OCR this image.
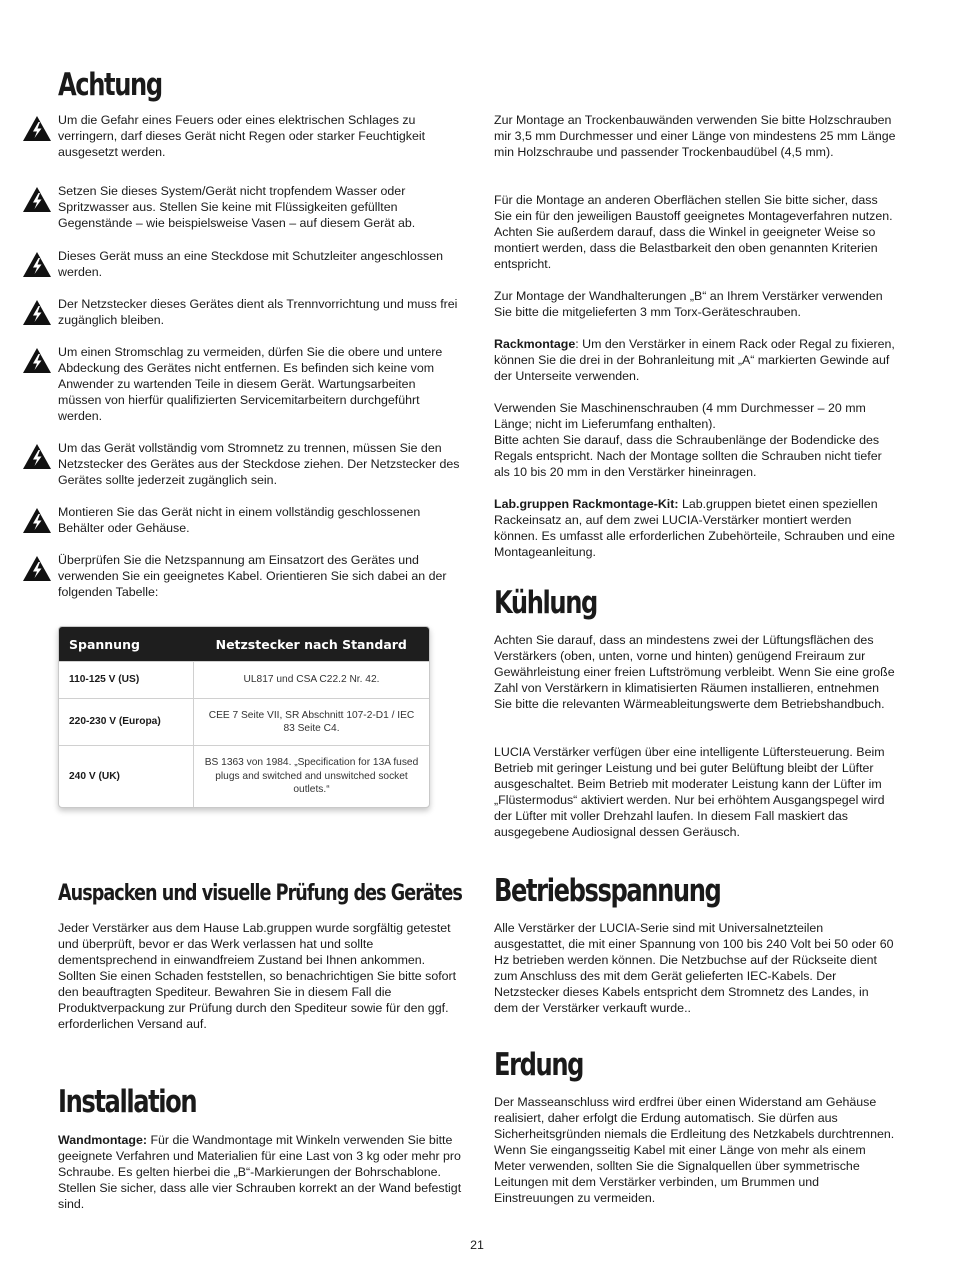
Achtung

Um die Gefahr eines Feuers oder eines elektrischen Schlages zu verringern, darf dieses Gerät nicht Regen oder starker Feuchtigkeit ausgesetzt werden.

Setzen Sie dieses System/Gerät nicht tropfendem Wasser oder Spritzwasser aus. Stellen Sie keine mit Flüssigkeiten gefüllten Gegenstände – wie beispielsweise Vasen – auf diesem Gerät ab.

Dieses Gerät muss an eine Steckdose mit Schutzleiter angeschlossen werden.

Der Netzstecker dieses Gerätes dient als Trennvorrichtung und muss frei zugänglich bleiben.

Um einen Stromschlag zu vermeiden, dürfen Sie die obere und untere Abdeckung des Gerätes nicht entfernen. Es befinden sich keine vom Anwender zu wartenden Teile in diesem Gerät. Wartungsarbeiten müssen von hierfür qualifizierten Servicemitarbeitern durchgeführt werden.

Um das Gerät vollständig vom Stromnetz zu trennen, müssen Sie den Netzstecker des Gerätes aus der Steckdose ziehen. Der Netzstecker des Gerätes sollte jederzeit zugänglich sein.

Montieren Sie das Gerät nicht in einem vollständig geschlossenen Behälter oder Gehäuse.

Überprüfen Sie die Netzspannung am Einsatzort des Gerätes und verwenden Sie ein geeignetes Kabel. Orientieren Sie sich dabei an der folgenden Tabelle:

Spannung	Netzstecker nach Standard
110-125 V (US)	UL817 und CSA C22.2 Nr. 42.
220-230 V (Europa)	CEE 7 Seite VII, SR Abschnitt 107-2-D1 / IEC 83 Seite C4.
240 V (UK)	BS 1363 von 1984. „Specification for 13A fused plugs and switched and unswitched socket outlets.“
Auspacken und visuelle Prüfung des Gerätes

Jeder Verstärker aus dem Hause Lab.gruppen wurde sorgfältig getestet und überprüft, bevor er das Werk verlassen hat und sollte dementsprechend in einwandfreiem Zustand bei Ihnen ankommen. Sollten Sie einen Schaden feststellen, so benachrichtigen Sie bitte sofort den beauftragten Spediteur. Bewahren Sie in diesem Fall die Produktverpackung zur Prüfung durch den Spediteur sowie für den ggf. erforderlichen Versand auf.

Installation

Wandmontage: Für die Wandmontage mit Winkeln verwenden Sie bitte geeignete Verfahren und Materialien für eine Last von 3 kg oder mehr pro Schraube. Es gelten hierbei die „B“-Markierungen der Bohrschablone. Stellen Sie sicher, dass alle vier Schrauben korrekt an der Wand befestigt sind.

Zur Montage an Trockenbauwänden verwenden Sie bitte Holzschrauben mir 3,5 mm Durchmesser und einer Länge von mindestens 25 mm Länge min Holzschraube und passender Trockenbaudübel (4,5 mm).

Für die Montage an anderen Oberflächen stellen Sie bitte sicher, dass Sie ein für den jeweiligen Baustoff geeignetes Montageverfahren nutzen. Achten Sie außerdem darauf, dass die Winkel in geeigneter Weise so montiert werden, dass die Belastbarkeit den oben genannten Kriterien entspricht.

Zur Montage der Wandhalterungen „B“ an Ihrem Verstärker verwenden Sie bitte die mitgelieferten 3 mm Torx-Geräteschrauben.

Rackmontage: Um den Verstärker in einem Rack oder Regal zu fixieren, können Sie die drei in der Bohranleitung mit „A“ markierten Gewinde auf der Unterseite verwenden.

Verwenden Sie Maschinenschrauben (4 mm Durchmesser – 20 mm Länge; nicht im Lieferumfang enthalten).

Bitte achten Sie darauf, dass die Schraubenlänge der Bodendicke des Regals entspricht. Nach der Montage sollten die Schrauben nicht tiefer als 10 bis 20 mm in den Verstärker hineinragen.

Lab.gruppen Rackmontage-Kit: Lab.gruppen bietet einen speziellen Rackeinsatz an, auf dem zwei LUCIA-Verstärker montiert werden können. Es umfasst alle erforderlichen Zubehörteile, Schrauben und eine Montageanleitung.

Kühlung

Achten Sie darauf, dass an mindestens zwei der Lüftungsflächen des Verstärkers (oben, unten, vorne und hinten) genügend Freiraum zur Gewährleistung einer freien Luftströmung verbleibt. Wenn Sie eine große Zahl von Verstärkern in klimatisierten Räumen installieren, entnehmen Sie bitte die relevanten Wärmeableitungswerte dem Betriebshandbuch.

LUCIA Verstärker verfügen über eine intelligente Lüftersteuerung. Beim Betrieb mit geringer Leistung und bei guter Belüftung bleibt der Lüfter ausgeschaltet. Beim Betrieb mit moderater Leistung kann der Lüfter im „Flüstermodus“ aktiviert werden. Nur bei erhöhtem Ausgangspegel wird der Lüfter mit voller Drehzahl laufen. In diesem Fall maskiert das ausgegebene Audiosignal dessen Geräusch.

Betriebsspannung

Alle Verstärker der LUCIA-Serie sind mit Universalnetzteilen ausgestattet, die mit einer Spannung von 100 bis 240 Volt bei 50 oder 60 Hz betrieben werden können. Die Netzbuchse auf der Rückseite dient zum Anschluss des mit dem Gerät gelieferten IEC-Kabels. Der Netzstecker dieses Kabels entspricht dem Stromnetz des Landes, in dem der Verstärker verkauft wurde..

Erdung

Der Masseanschluss wird erdfrei über einen Widerstand am Gehäuse realisiert, daher erfolgt die Erdung automatisch. Sie dürfen aus Sicherheitsgründen niemals die Erdleitung des Netzkabels durchtrennen. Wenn Sie eingangsseitig Kabel mit einer Länge von mehr als einem Meter verwenden, sollten Sie die Signalquellen über symmetrische Leitungen mit dem Verstärker verbinden, um Brummen und Einstreuungen zu vermeiden.

21
